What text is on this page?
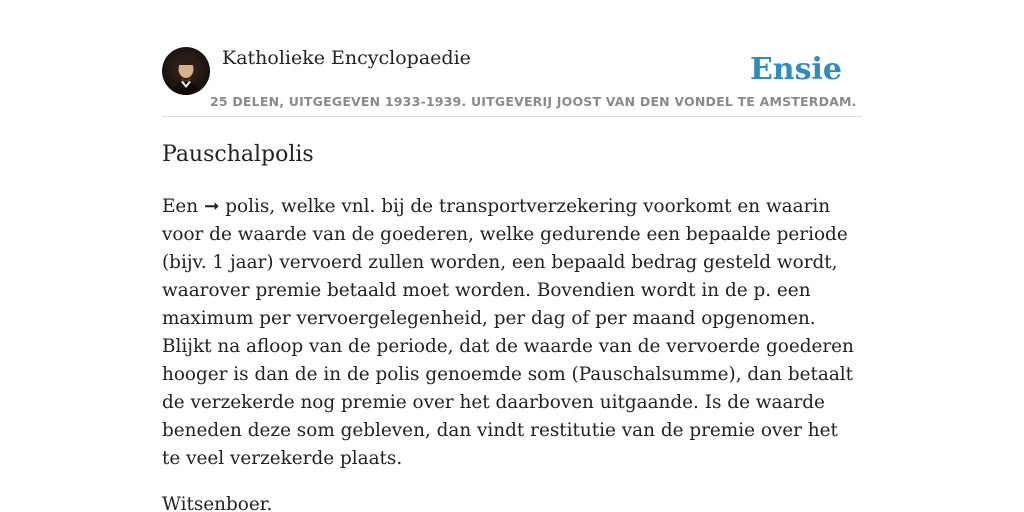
Katholieke Encyclopaedie
25 DELEN, UITGEGEVEN 1933-1939. UITGEVERIJ JOOST VAN DEN VONDEL TE AMSTERDAM.
Ensie
Pauschalpolis

Een ➞ polis, welke vnl. bij de transportverzekering voorkomt en waarin voor de waarde van de goederen, welke gedurende een bepaalde periode (bijv. 1 jaar) vervoerd zullen worden, een bepaald bedrag gesteld wordt, waarover premie betaald moet worden. Bovendien wordt in de p. een maximum per vervoergelegenheid, per dag of per maand opgenomen. Blijkt na afloop van de periode, dat de waarde van de vervoerde goederen hooger is dan de in de polis genoemde som (Pauschalsumme), dan betaalt de verzekerde nog premie over het daarboven uitgaande. Is de waarde beneden deze som gebleven, dan vindt restitutie van de premie over het te veel verzekerde plaats.

Witsenboer.
